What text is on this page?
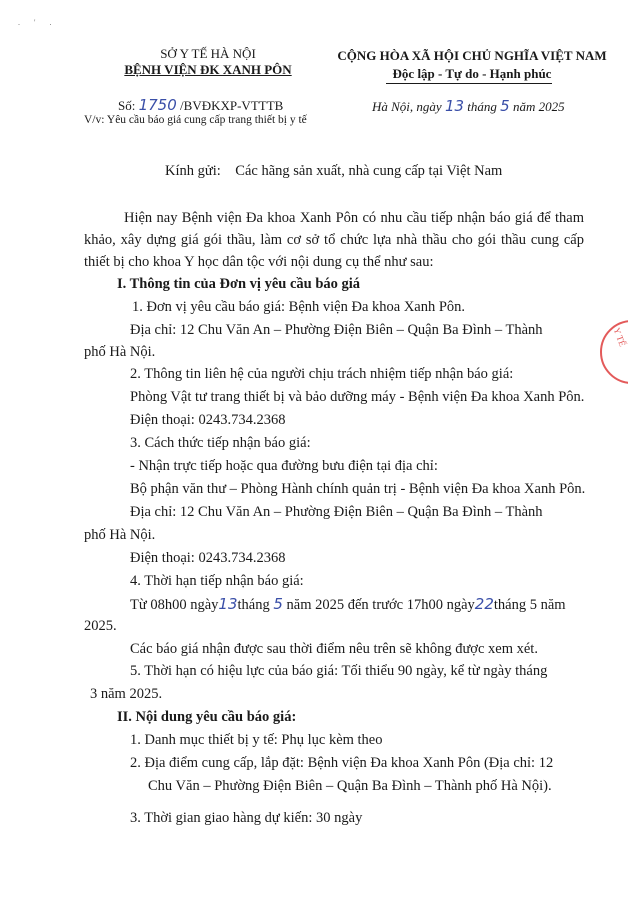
. ' .
SỞ Y TẾ HÀ NỘI
BỆNH VIỆN ĐK XANH PÔN
Số: 1750 /BVĐKXP-VTTTB
V/v: Yêu cầu báo giá cung cấp trang thiết bị y tế
CỘNG HÒA XÃ HỘI CHỦ NGHĨA VIỆT NAM
Độc lập - Tự do - Hạnh phúc
Hà Nội, ngày 13 tháng 5 năm 2025
Kính gửi: Các hãng sản xuất, nhà cung cấp tại Việt Nam
Hiện nay Bệnh viện Đa khoa Xanh Pôn có nhu cầu tiếp nhận báo giá để tham khảo, xây dựng giá gói thầu, làm cơ sở tổ chức lựa nhà thầu cho gói thầu cung cấp thiết bị cho khoa Y học dân tộc với nội dung cụ thể như sau:
I. Thông tin của Đơn vị yêu cầu báo giá
1. Đơn vị yêu cầu báo giá: Bệnh viện Đa khoa Xanh Pôn.
Địa chỉ: 12 Chu Văn An – Phường Điện Biên – Quận Ba Đình – Thành
phố Hà Nội.
2. Thông tin liên hệ của người chịu trách nhiệm tiếp nhận báo giá:
Phòng Vật tư trang thiết bị và bảo dưỡng máy - Bệnh viện Đa khoa Xanh Pôn.
Điện thoại: 0243.734.2368
3. Cách thức tiếp nhận báo giá:
- Nhận trực tiếp hoặc qua đường bưu điện tại địa chỉ:
Bộ phận văn thư – Phòng Hành chính quản trị - Bệnh viện Đa khoa Xanh Pôn.
Địa chỉ: 12 Chu Văn An – Phường Điện Biên – Quận Ba Đình – Thành
phố Hà Nội.
Điện thoại: 0243.734.2368
4. Thời hạn tiếp nhận báo giá:
Từ 08h00 ngày13tháng 5 năm 2025 đến trước 17h00 ngày22tháng 5 năm
2025.
Các báo giá nhận được sau thời điểm nêu trên sẽ không được xem xét.
5. Thời hạn có hiệu lực của báo giá: Tối thiểu 90 ngày, kể từ ngày tháng
3 năm 2025.
II. Nội dung yêu cầu báo giá:
1. Danh mục thiết bị y tế: Phụ lục kèm theo
2. Địa điểm cung cấp, lắp đặt: Bệnh viện Đa khoa Xanh Pôn (Địa chỉ: 12
Chu Văn – Phường Điện Biên – Quận Ba Đình – Thành phố Hà Nội).
3. Thời gian giao hàng dự kiến: 30 ngày
Y TẾ
